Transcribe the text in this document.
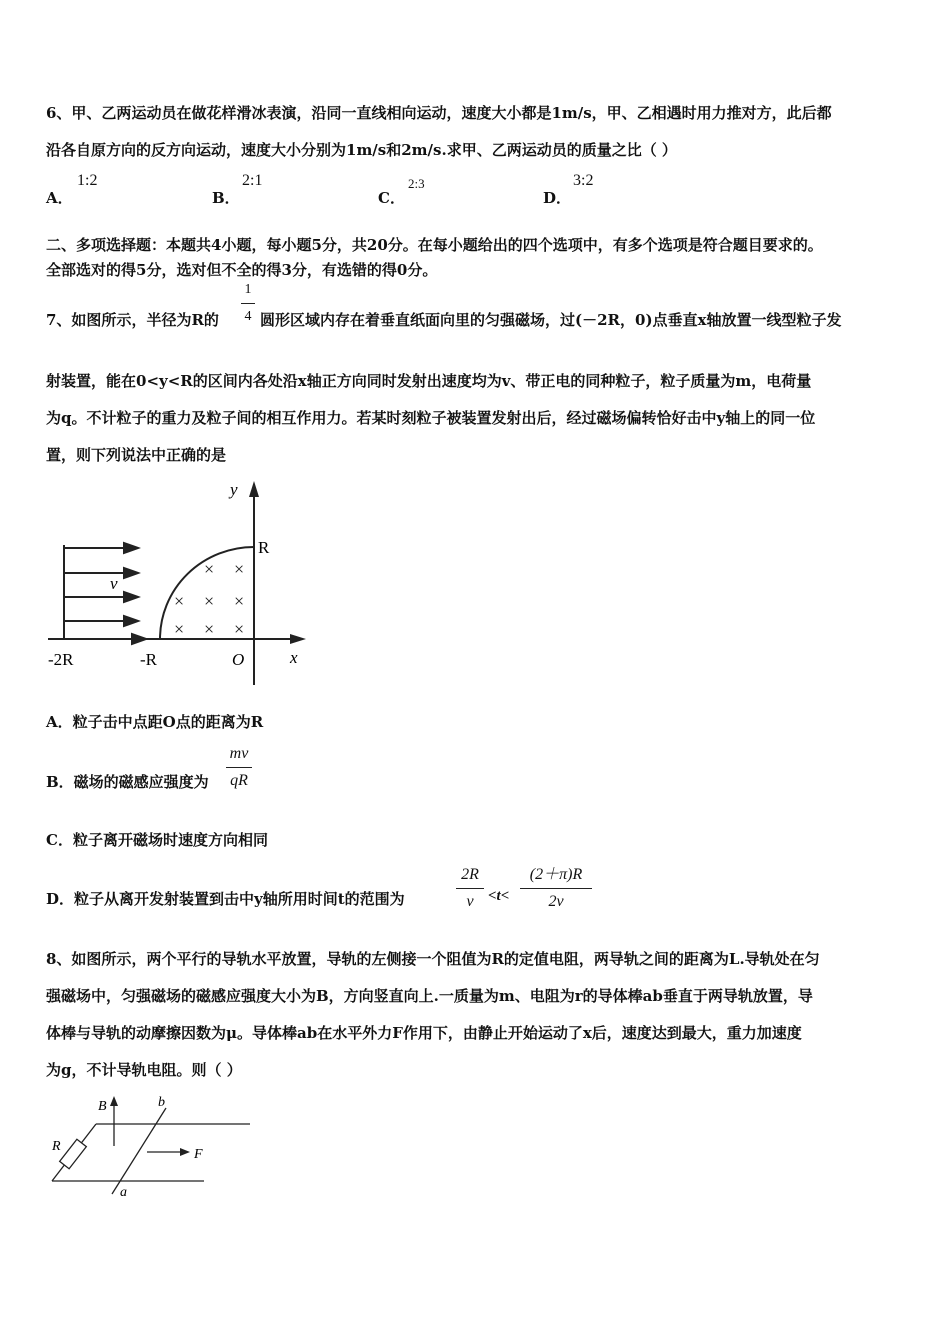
6、甲、乙两运动员在做花样滑冰表演，沿同一直线相向运动，速度大小都是1m/s，甲、乙相遇时用力推对方，此后都
沿各自原方向的反方向运动，速度大小分别为1m/s和2m/s.求甲、乙两运动员的质量之比（ ）
A．
1:2
B．
2:1
C．
2:3
D．
3:2
二、多项选择题：本题共4小题，每小题5分，共20分。在每小题给出的四个选项中，有多个选项是符合题目要求的。
全部选对的得5分，选对但不全的得3分，有选错的得0分。
7、如图所示，半径为R的
1
4 圆形区域内存在着垂直纸面向里的匀强磁场，过(－2R，0)点垂直x轴放置一线型粒子发
射装置，能在0<y<R的区间内各处沿x轴正方向同时发射出速度均为v、带正电的同种粒子，粒子质量为m，电荷量
为q。不计粒子的重力及粒子间的相互作用力。若某时刻粒子被装置发射出后，经过磁场偏转恰好击中y轴上的同一位
置，则下列说法中正确的是
y
x
R
v
× ×
× × ×
× × ×
-2R	-R	O
A．粒子击中点距O点的距离为R
B．磁场的磁感应强度为
mv
qR
C．粒子离开磁场时速度方向相同
D．粒子从离开发射装置到击中y轴所用时间t的范围为
2R
v <t<
(2＋π)R
2v
8、如图所示，两个平行的导轨水平放置，导轨的左侧接一个阻值为R的定值电阻，两导轨之间的距离为L.导轨处在匀
强磁场中，匀强磁场的磁感应强度大小为B，方向竖直向上.一质量为m、电阻为r的导体棒ab垂直于两导轨放置，导
体棒与导轨的动摩擦因数为μ。导体棒ab在水平外力F作用下，由静止开始运动了x后，速度达到最大，重力加速度
为g，不计导轨电阻。则（ ）
B	b
a
R
F
